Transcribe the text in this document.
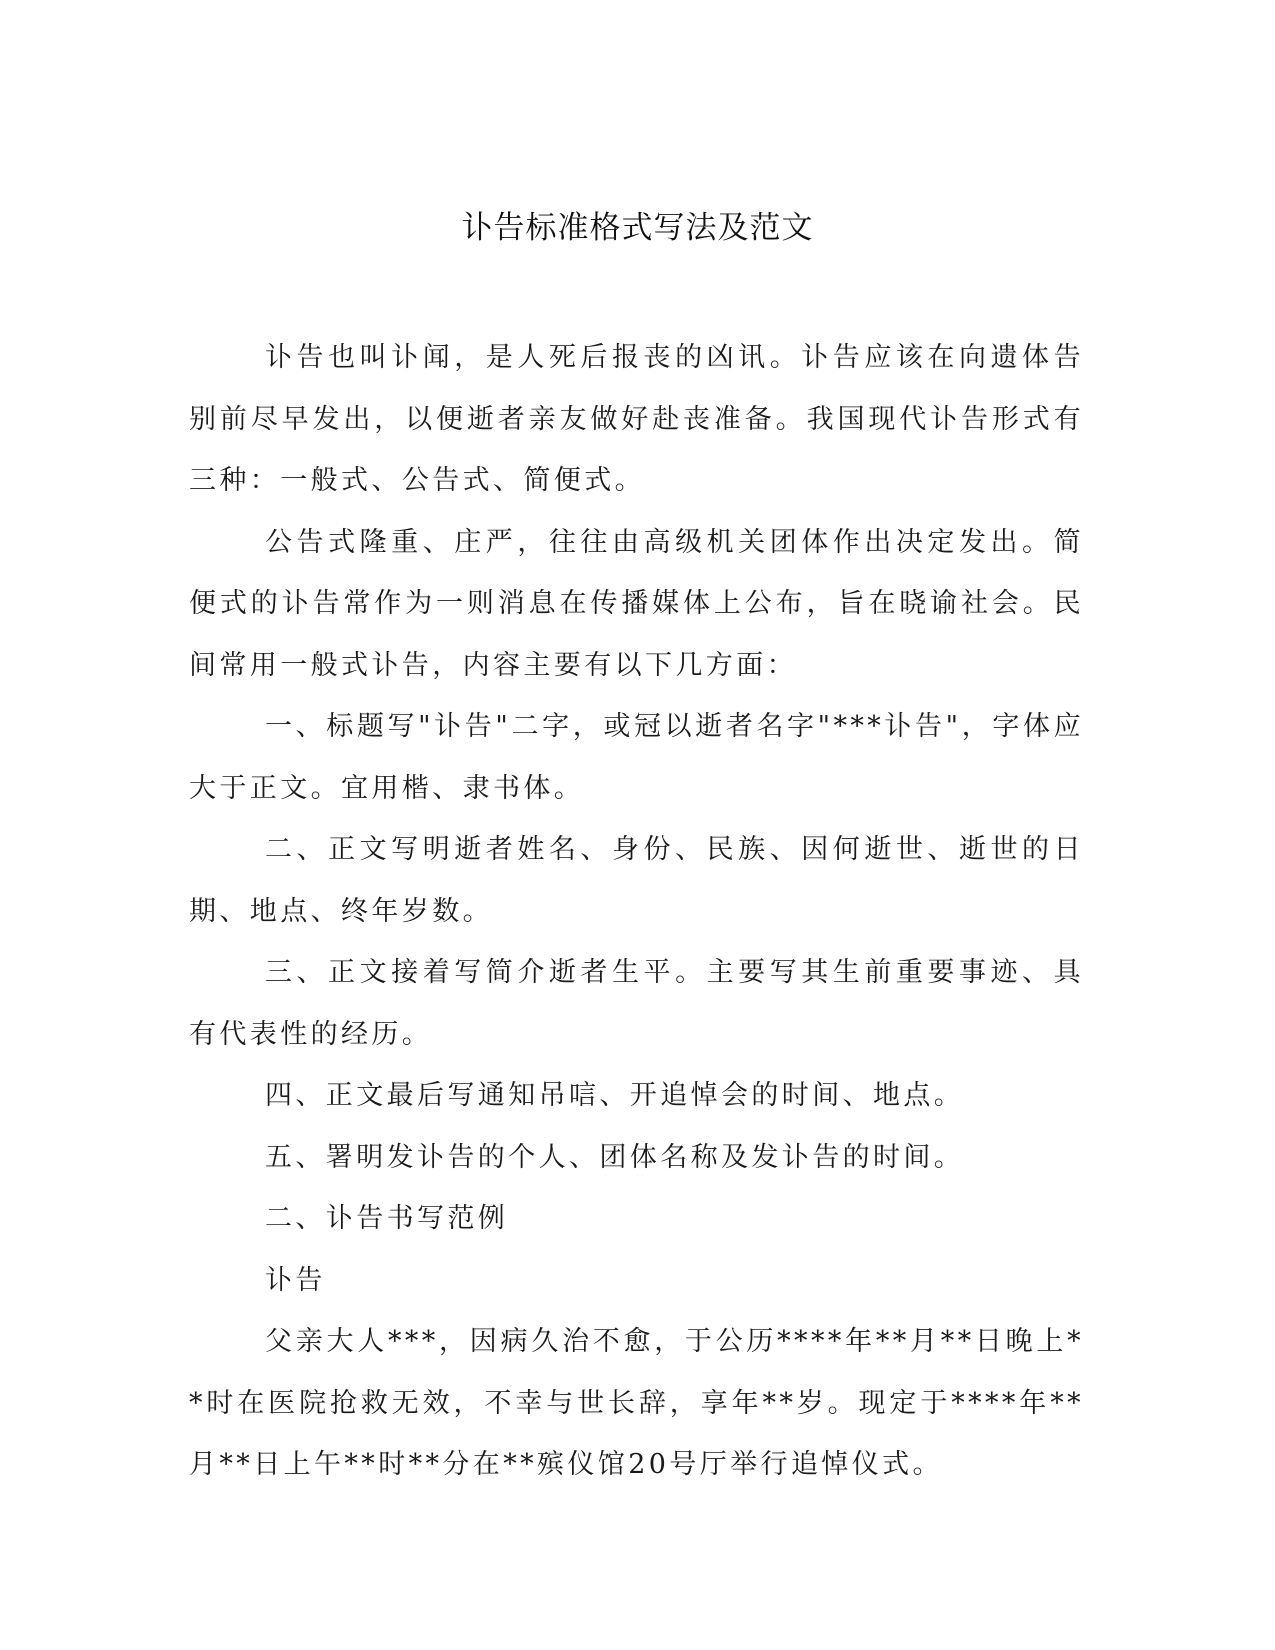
讣告标准格式写法及范文

讣告也叫讣闻，是人死后报丧的凶讯。讣告应该在向遗体告别前尽早发出，以便逝者亲友做好赴丧准备。我国现代讣告形式有三种：一般式、公告式、简便式。

公告式隆重、庄严，往往由高级机关团体作出决定发出。简便式的讣告常作为一则消息在传播媒体上公布，旨在晓谕社会。民间常用一般式讣告，内容主要有以下几方面：

一、标题写"讣告"二字，或冠以逝者名字"***讣告"，字体应大于正文。宜用楷、隶书体。

二、正文写明逝者姓名、身份、民族、因何逝世、逝世的日期、地点、终年岁数。

三、正文接着写简介逝者生平。主要写其生前重要事迹、具有代表性的经历。

四、正文最后写通知吊唁、开追悼会的时间、地点。

五、署明发讣告的个人、团体名称及发讣告的时间。

二、讣告书写范例

讣告

父亲大人***，因病久治不愈，于公历****年**月**日晚上**时在医院抢救无效，不幸与世长辞，享年**岁。现定于****年**月**日上午**时**分在**殡仪馆20号厅举行追悼仪式。
